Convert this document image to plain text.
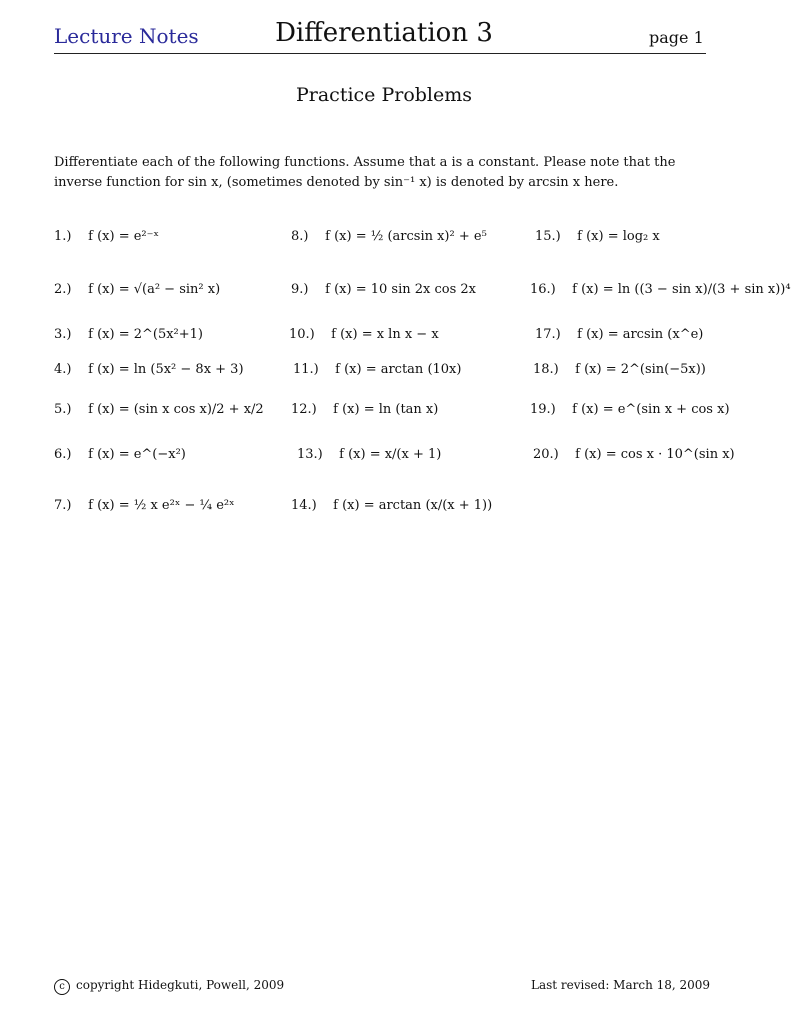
Lecture Notes	Differentiation 3	page 1
Practice Problems
Differentiate each of the following functions. Assume that a is a constant. Please note that the inverse function for sin x, (sometimes denoted by sin⁻¹ x) is denoted by arcsin x here.
1.) f (x) = e²⁻ˣ
2.) f (x) = √(a² − sin² x)
3.) f (x) = 2^(5x²+1)
4.) f (x) = ln (5x² − 8x + 3)
5.) f (x) = (sin x cos x)/2 + x/2
6.) f (x) = e^(−x²)
7.) f (x) = ½ x e²ˣ − ¼ e²ˣ
8.) f (x) = ½ (arcsin x)² + e⁵
9.) f (x) = 10 sin 2x cos 2x
10.) f (x) = x ln x − x
11.) f (x) = arctan (10x)
12.) f (x) = ln (tan x)
13.) f (x) = x/(x + 1)
14.) f (x) = arctan (x/(x + 1))
15.) f (x) = log₂ x
16.) f (x) = ln ((3 − sin x)/(3 + sin x))⁴
17.) f (x) = arcsin (x^e)
18.) f (x) = 2^(sin(−5x))
19.) f (x) = e^(sin x + cos x)
20.) f (x) = cos x · 10^(sin x)
c copyright Hidegkuti, Powell, 2009	Last revised: March 18, 2009
